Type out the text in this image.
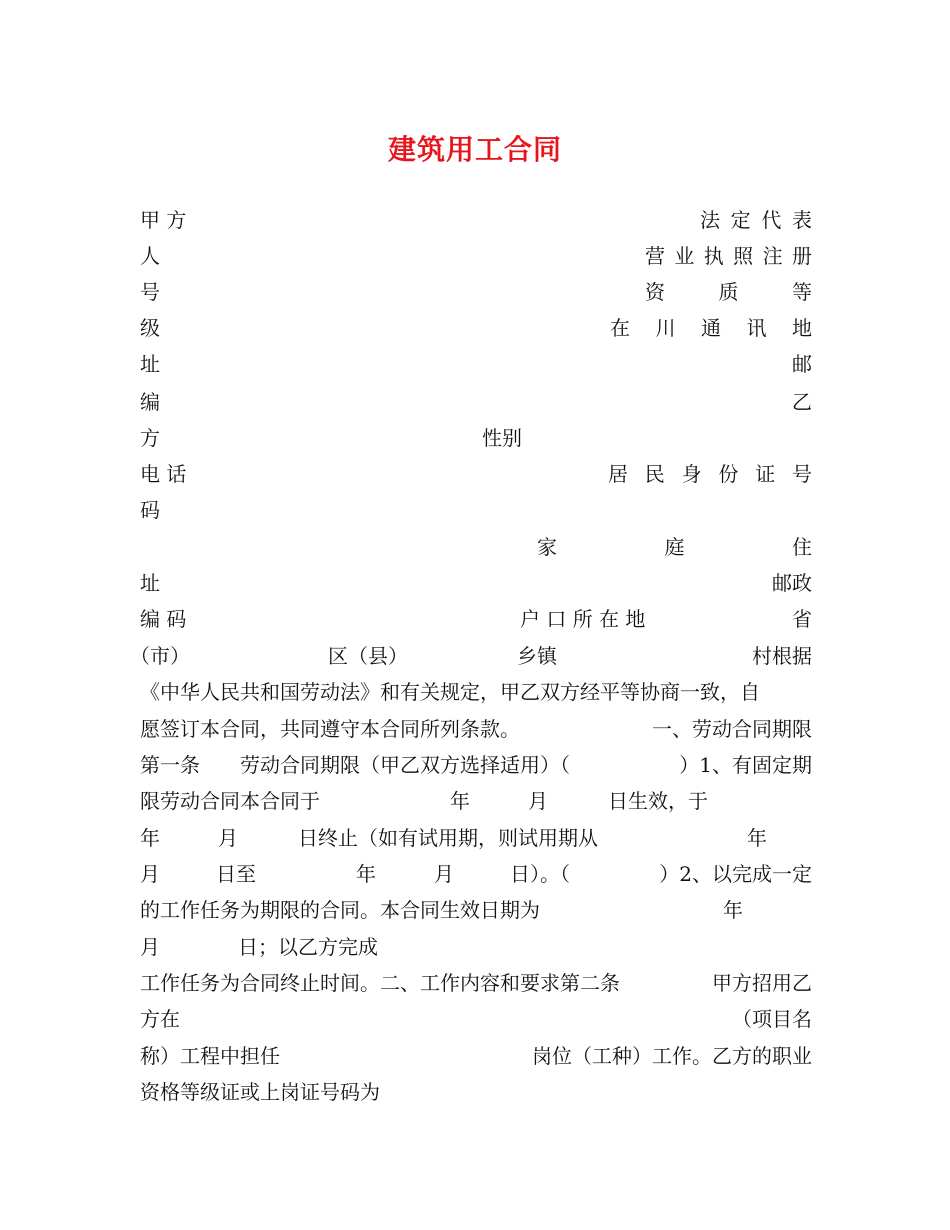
建筑用工合同
甲 方	法 定 代 表
人	营 业 执 照 注 册
号	资	质	等
级	在 川 通 讯 地
址	邮
编	乙
方	性别
电 话	居 民 身 份 证 号
码
家	庭	住
址	邮政
编 码	户 口 所 在 地	省
（市）	区（县）	乡镇	村根据
《中华人民共和国劳动法》和有关规定，甲乙双方经平等协商一致，自
愿签订本合同，共同遵守本合同所列条款。	一、劳动合同期限
第一条 劳动合同期限（甲乙双方选择适用）（	）1、有固定期
限劳动合同本合同于	年	月	日生效，于
年	月	日终止（如有试用期，则试用期从	年
月	日至	年	月	日）。（	）2、以完成一定
的工作任务为期限的合同。本合同生效日期为	年
月	日；以乙方完成
工作任务为合同终止时间。二、工作内容和要求第二条	甲方招用乙
方在	（项目名
称）工程中担任	岗位（工种）工作。乙方的职业
资格等级证或上岗证号码为
